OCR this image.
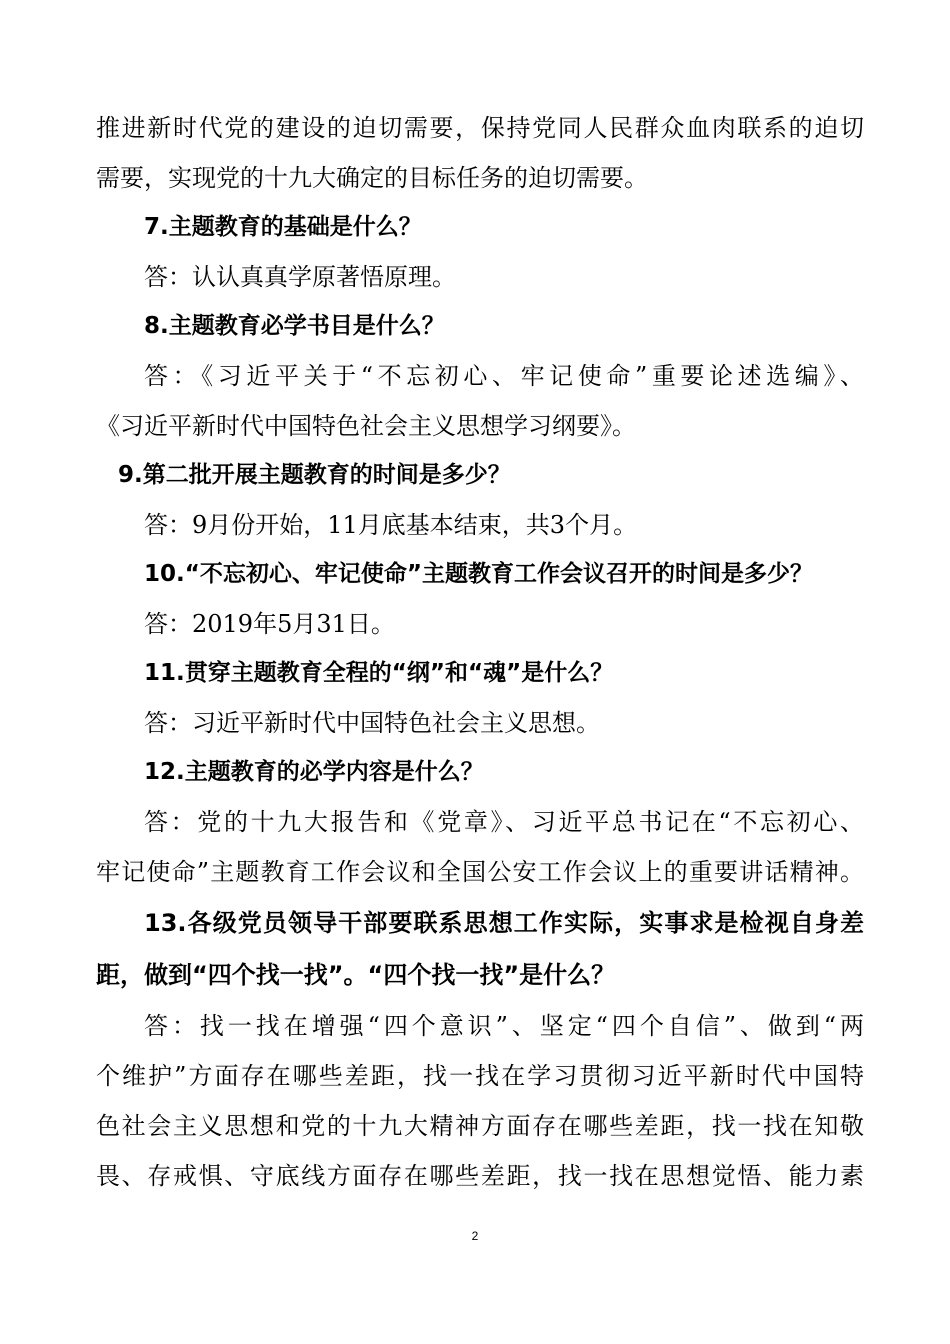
推进新时代党的建设的迫切需要，保持党同人民群众血肉联系的迫切
需要，实现党的十九大确定的目标任务的迫切需要。
7.主题教育的基础是什么？
答：认认真真学原著悟原理。
8.主题教育必学书目是什么？
答：《习近平关于“不忘初心、牢记使命”重要论述选编》、
《习近平新时代中国特色社会主义思想学习纲要》。
9.第二批开展主题教育的时间是多少？
答：9月份开始，11月底基本结束，共3个月。
10.“不忘初心、牢记使命”主题教育工作会议召开的时间是多少？
答：2019年5月31日。
11.贯穿主题教育全程的“纲”和“魂”是什么？
答：习近平新时代中国特色社会主义思想。
12.主题教育的必学内容是什么？
答：党的十九大报告和《党章》、习近平总书记在“不忘初心、
牢记使命”主题教育工作会议和全国公安工作会议上的重要讲话精神。
13.各级党员领导干部要联系思想工作实际，实事求是检视自身差
距，做到“四个找一找”。“四个找一找”是什么？
答：找一找在增强“四个意识”、坚定“四个自信”、做到“两
个维护”方面存在哪些差距，找一找在学习贯彻习近平新时代中国特
色社会主义思想和党的十九大精神方面存在哪些差距，找一找在知敬
畏、存戒惧、守底线方面存在哪些差距，找一找在思想觉悟、能力素
2
